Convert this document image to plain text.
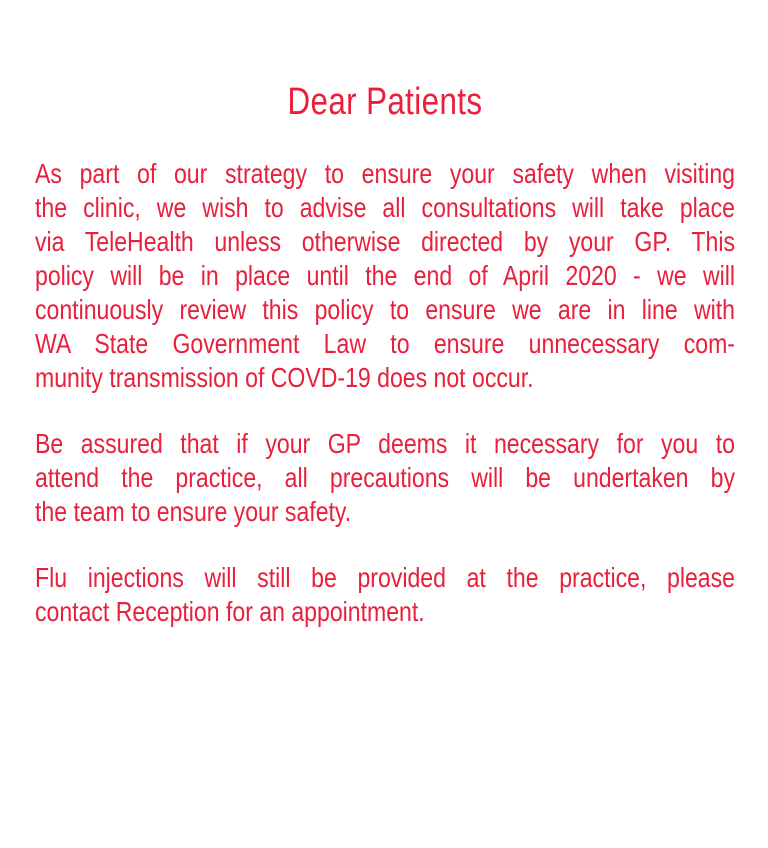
Dear Patients
As part of our strategy to ensure your safety when visiting
the clinic, we wish to advise all consultations will take place
via TeleHealth unless otherwise directed by your GP. This
policy will be in place until the end of April 2020 - we will
continuously review this policy to ensure we are in line with
WA State Government Law to ensure unnecessary com-
munity transmission of COVD-19 does not occur.
Be assured that if your GP deems it necessary for you to
attend the practice, all precautions will be undertaken by
the team to ensure your safety.
Flu injections will still be provided at the practice, please
contact Reception for an appointment.
